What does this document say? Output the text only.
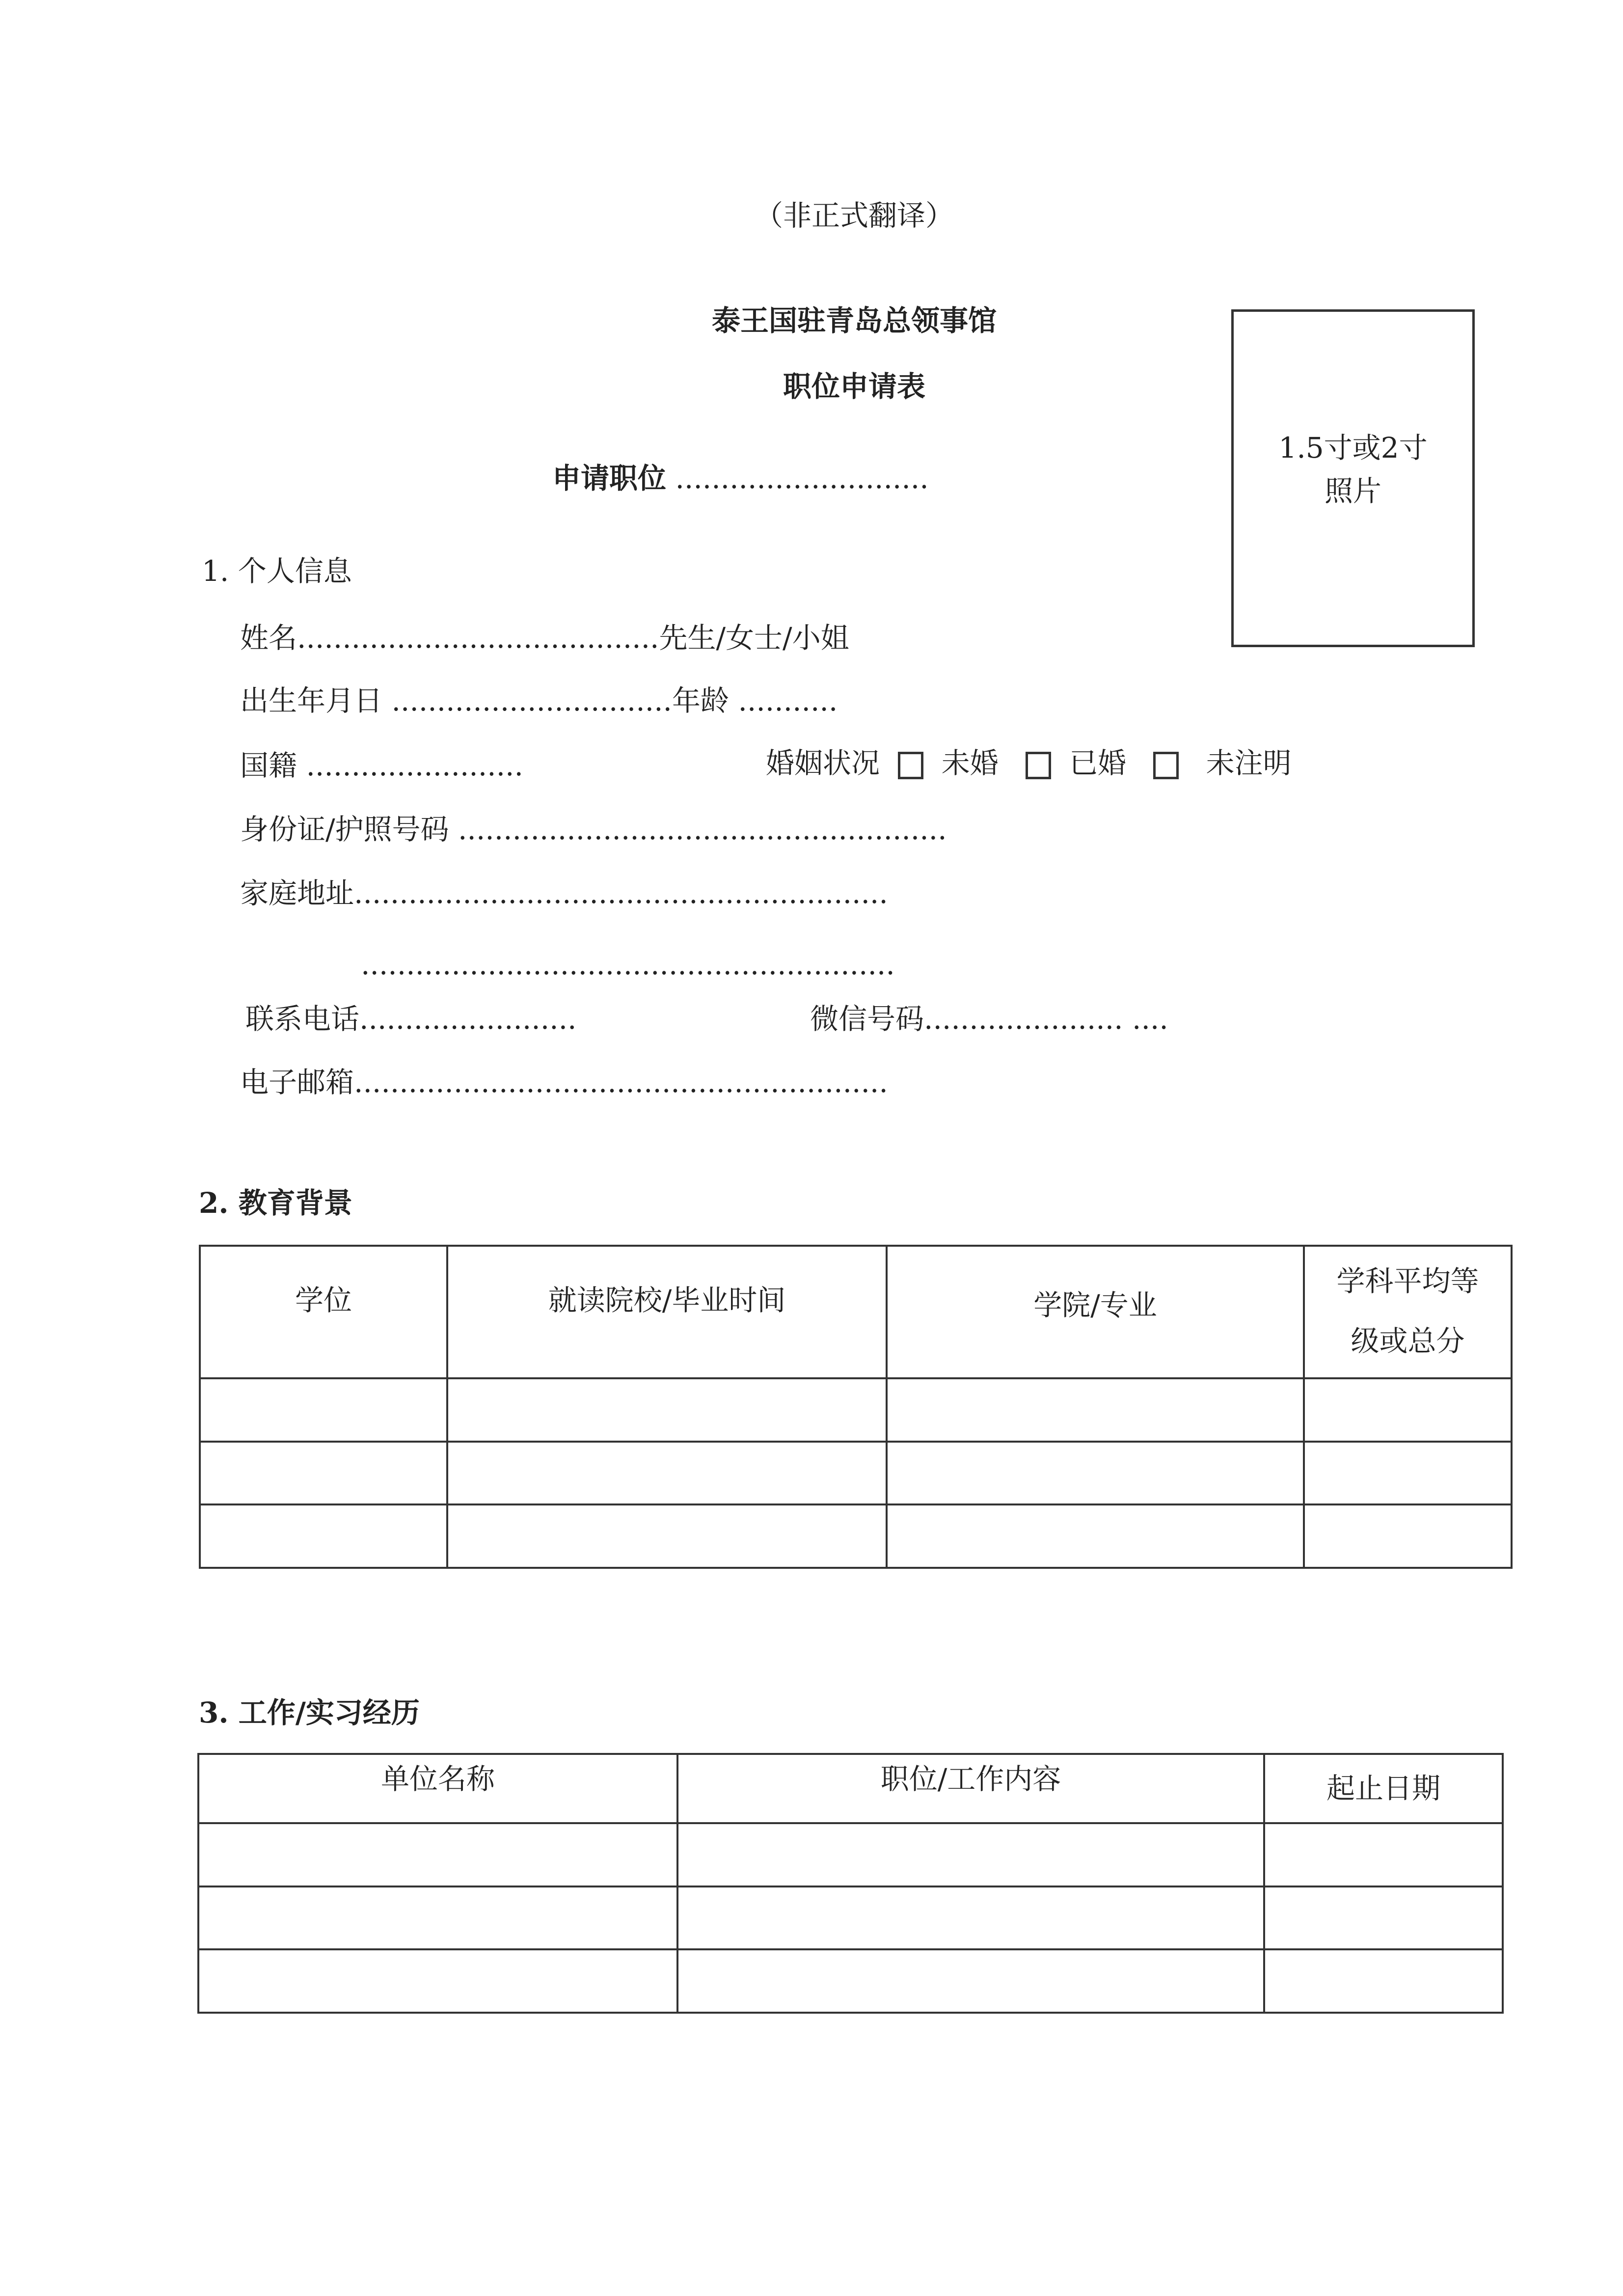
（非正式翻译）
泰王国驻青岛总领事馆
职位申请表
申请职位 ............................
1.5寸或2寸
照片
1. 个人信息
姓名........................................先生/女士/小姐
出生年月日 ...............................年龄 ...........
国籍 ........................	婚姻状况 未婚 已婚	未注明
身份证/护照号码 ......................................................
家庭地址...........................................................
...........................................................
联系电话........................	微信号码...................... ....
电子邮箱...........................................................
2. 教育背景
学位	就读院校/毕业时间	学院/专业	学科平均等
级或总分

3. 工作/实习经历
单位名称	职位/工作内容	起止日期
